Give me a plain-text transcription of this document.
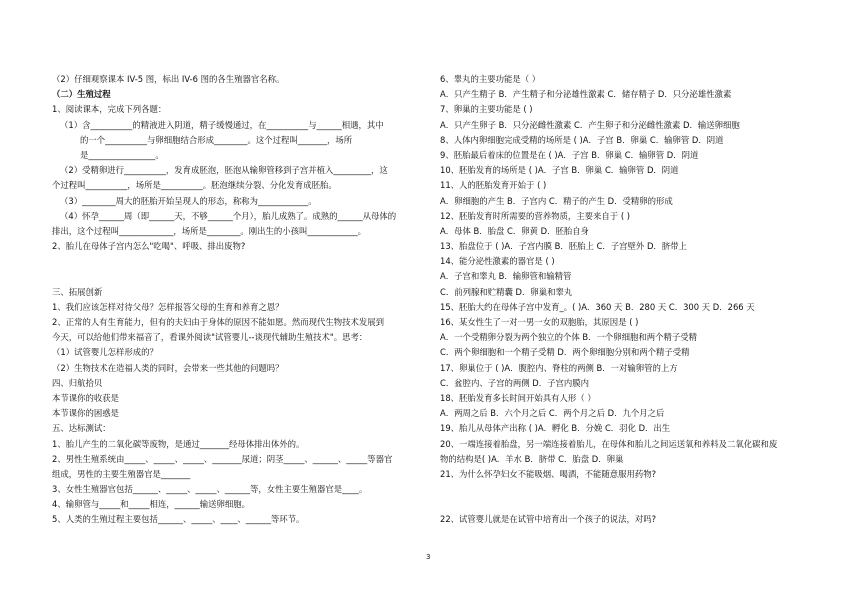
（2）仔细观察课本 IV-5 图，标出 IV-6 图的各生殖器官名称。
（二）生殖过程
1、阅读课本，完成下列各题：
（1）含__________的精液进入阴道，精子缓慢通过，在__________与______相遇，其中
的一个__________与卵细胞结合形成________。这个过程叫_______，场所
是________________。
（2）受精卵进行__________，发育成胚泡，胚泡从输卵管移到子宫并植入_________，这
个过程叫__________，场所是__________。胚泡继续分裂、分化发育成胚胎。
（3）________周大的胚胎开始呈现人的形态，称称为____________。
（4）怀孕______周（即______天，不够______个月），胎儿成熟了。成熟的______从母体的
排出，这个过程叫_____________，场所是________。刚出生的小孩叫____________。
2、胎儿在母体子宫内怎么"吃喝"、呼吸、排出废物?
三、拓展创新
1、我们应该怎样对待父母？怎样报答父母的生育和养育之恩？
2、正常的人有生育能力，但有的夫妇由于身体的原因不能如愿。然而现代生物技术发展到
今天，可以给他们带来福音了，看课外阅读"试管婴儿--谈现代辅助生殖技术"。思考：
（1）试管婴儿怎样形成的？
（2）生物技术在造福人类的同时，会带来一些其他的问题吗？
四、归航拾贝
本节课你的收获是
本节课你的困惑是
五、达标测试：
1、胎儿产生的二氧化碳等废物，是通过_______经母体排出体外的。
2、男性生殖系统由_____、_____、_____、_______尿道；阴茎_____、______、_____等器官
组成，男性的主要生殖器官是_______
3、女性生殖器官包括______、_____、_____、______等，女性主要生殖器官是____。
4、输卵管与_____和_____相连，______输送卵细胞。
5、人类的生殖过程主要包括______、_____、____、______等环节。
6、睾丸的主要功能是（ ）
A．只产生精子 B．产生精子和分泌雄性激素 C．储存精子 D．只分泌雄性激素
7、卵巢的主要功能是 ( )
A．只产生卵子 B．只分泌雌性激素 C．产生卵子和分泌雌性激素 D．输送卵细胞
8、人体内卵细胞完成受精的场所是 ( )A．子宫 B．卵巢 C．输卵管 D．阴道
9、胚胎最后着床的位置是在 ( )A．子宫 B．卵巢 C．输卵管 D．阴道
10、胚胎发育的场所是 ( )A．子宫 B．卵巢 C．输卵管 D．阴道
11、人的胚胎发育开始于 ( )
A．卵细胞的产生 B．子宫内 C．精子的产生 D．受精卵的形成
12、胚胎发育时所需要的营养物质，主要来自于 ( )
A．母体 B．胎盘 C．卵黄 D．胚胎自身
13、胎盘位于 ( )A．子宫内膜 B．胚胎上 C．子宫壁外 D．脐带上
14、能分泌性激素的器官是 ( )
A．子宫和睾丸 B．输卵管和输精管
C．前列腺和贮精囊 D．卵巢和睾丸
15、胚胎大约在母体子宫中发育_。( )A．360 天 B．280 天 C．300 天 D．266 天
16、某女性生了一对一男一女的双胞胎，其原因是 ( )
A．一个受精卵分裂为两个独立的个体 B．一个卵细胞和两个精子受精
C．两个卵细胞和一个精子受精 D．两个卵细胞分别和两个精子受精
17、卵巢位于 ( )A．腹腔内、脊柱的两侧 B．一对输卵管的上方
C．盆腔内、子宫的两侧 D．子宫内膜内
18、胚胎发育多长时间开始具有人形（ ）
A．两周之后 B．六个月之后 C．两个月之后 D．九个月之后
19、胎儿从母体产出称 ( )A．孵化 B．分娩 C．羽化 D．出生
20、一端连接着胎盘，另一端连接着胎儿，在母体和胎儿之间运送氧和养料及二氧化碳和废
物的结构是( )A．羊水 B．脐带 C．胎盘 D．卵巢
21、为什么怀孕妇女不能吸烟、喝酒，不能随意服用药物?
22、试管婴儿就是在试管中培育出一个孩子的说法，对吗?
3
